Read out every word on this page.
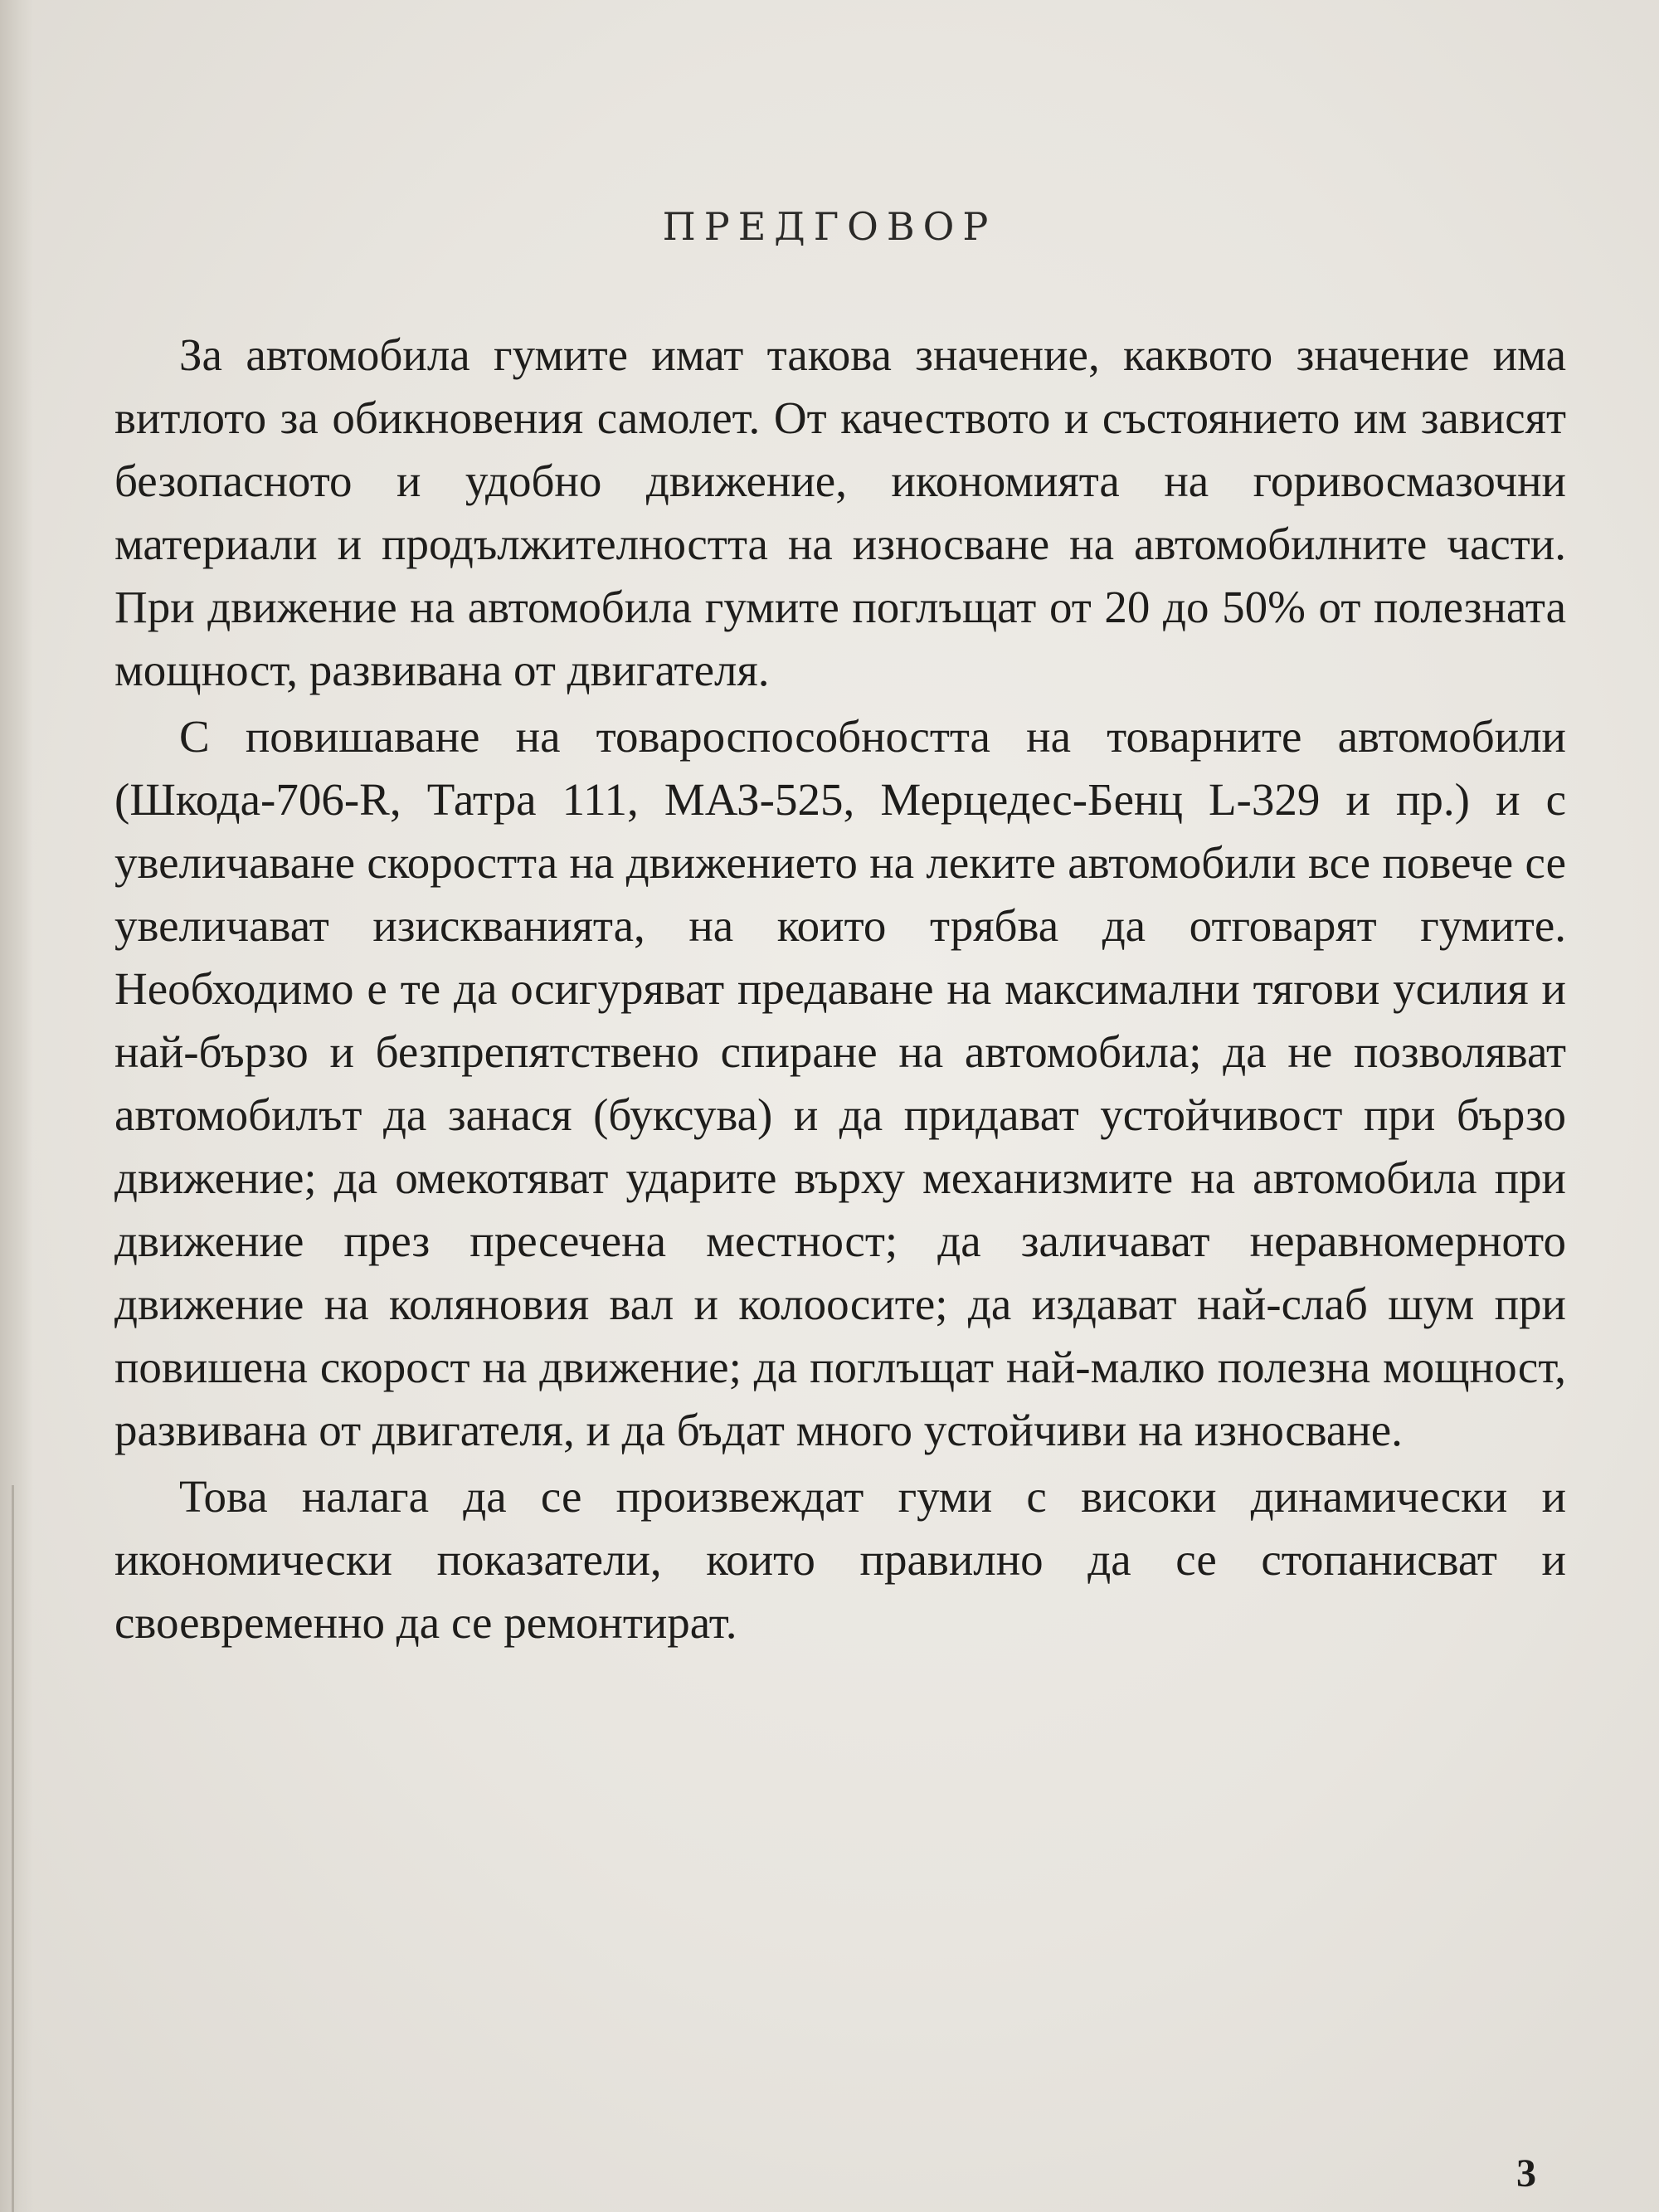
ПРЕДГОВОР

За автомобила гумите имат такова значение, каквото значение има витлото за обикновения самолет. От качеството и състоянието им зависят безопасното и удобно движение, икономията на горивосмазочни материали и продължителността на износване на автомобилните части. При движение на автомобила гумите поглъщат от 20 до 50% от полезната мощност, развивана от двигателя.

С повишаване на товароспособността на товарните автомобили (Шкода-706-R, Татра 111, МАЗ-525, Мерцедес-Бенц L-329 и пр.) и с увеличаване скоростта на движението на леките автомобили все повече се увеличават изискванията, на които трябва да отговарят гумите. Необходимо е те да осигуряват предаване на максимални тягови усилия и най-бързо и безпрепятствено спиране на автомобила; да не позволяват автомобилът да занася (буксува) и да придават устойчивост при бързо движение; да омекотяват ударите върху механизмите на автомобила при движение през пресечена местност; да заличават неравномерното движение на коляновия вал и колоосите; да издават най-слаб шум при повишена скорост на движение; да поглъщат най-малко полезна мощност, развивана от двигателя, и да бъдат много устойчиви на износване.

Това налага да се произвеждат гуми с високи динамически и икономически показатели, които правилно да се стопанисват и своевременно да се ремонтират.

3
